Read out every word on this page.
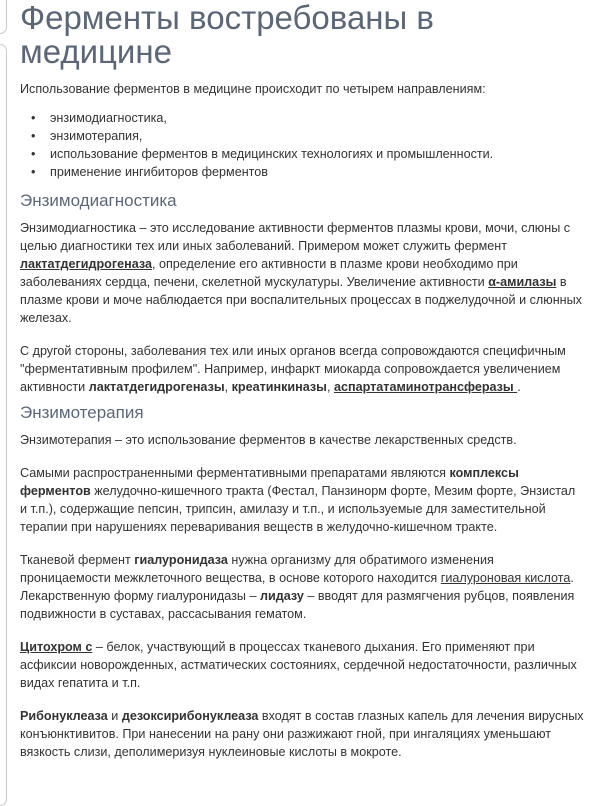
Ферменты востребованы в медицине

Использование ферментов в медицине происходит по четырем направлениям:

• энзимодиагностика,
• энзимотерапия,
• использование ферментов в медицинских технологиях и промышленности.
• применение ингибиторов ферментов
Энзимодиагностика

Энзимодиагностика – это исследование активности ферментов плазмы крови, мочи, слюны с целью диагностики тех или иных заболеваний. Примером может служить фермент лактатдегидрогеназа, определение его активности в плазме крови необходимо при заболеваниях сердца, печени, скелетной мускулатуры. Увеличение активности α-амилазы в плазме крови и моче наблюдается при воспалительных процессах в поджелудочной и слюнных железах.

С другой стороны, заболевания тех или иных органов всегда сопровождаются специфичным "ферментативным профилем". Например, инфаркт миокарда сопровождается увеличением активности лактатдегидрогеназы, креатинкиназы, аспартатаминотрансферазы .

Энзимотерапия

Энзимотерапия – это использование ферментов в качестве лекарственных средств.

Самыми распространенными ферментативными препаратами являются комплексы ферментов желудочно-кишечного тракта (Фестал, Панзинорм форте, Мезим форте, Энзистал и т.п.), содержащие пепсин, трипсин, амилазу и т.п., и используемые для заместительной терапии при нарушениях переваривания веществ в желудочно-кишечном тракте.

Тканевой фермент гиалуронидаза нужна организму для обратимого изменения проницаемости межклеточного вещества, в основе которого находится гиалуроновая кислота. Лекарственную форму гиалуронидазы – лидазу – вводят для размягчения рубцов, появления подвижности в суставах, рассасывания гематом.

Цитохром с – белок, участвующий в процессах тканевого дыхания. Его применяют при асфиксии новорожденных, астматических состояниях, сердечной недостаточности, различных видах гепатита и т.п.

Рибонуклеаза и дезоксирибонуклеаза входят в состав глазных капель для лечения вирусных конъюнктивитов. При нанесении на рану они разжижают гной, при ингаляциях уменьшают вязкость слизи, деполимеризуя нуклеиновые кислоты в мокроте.
